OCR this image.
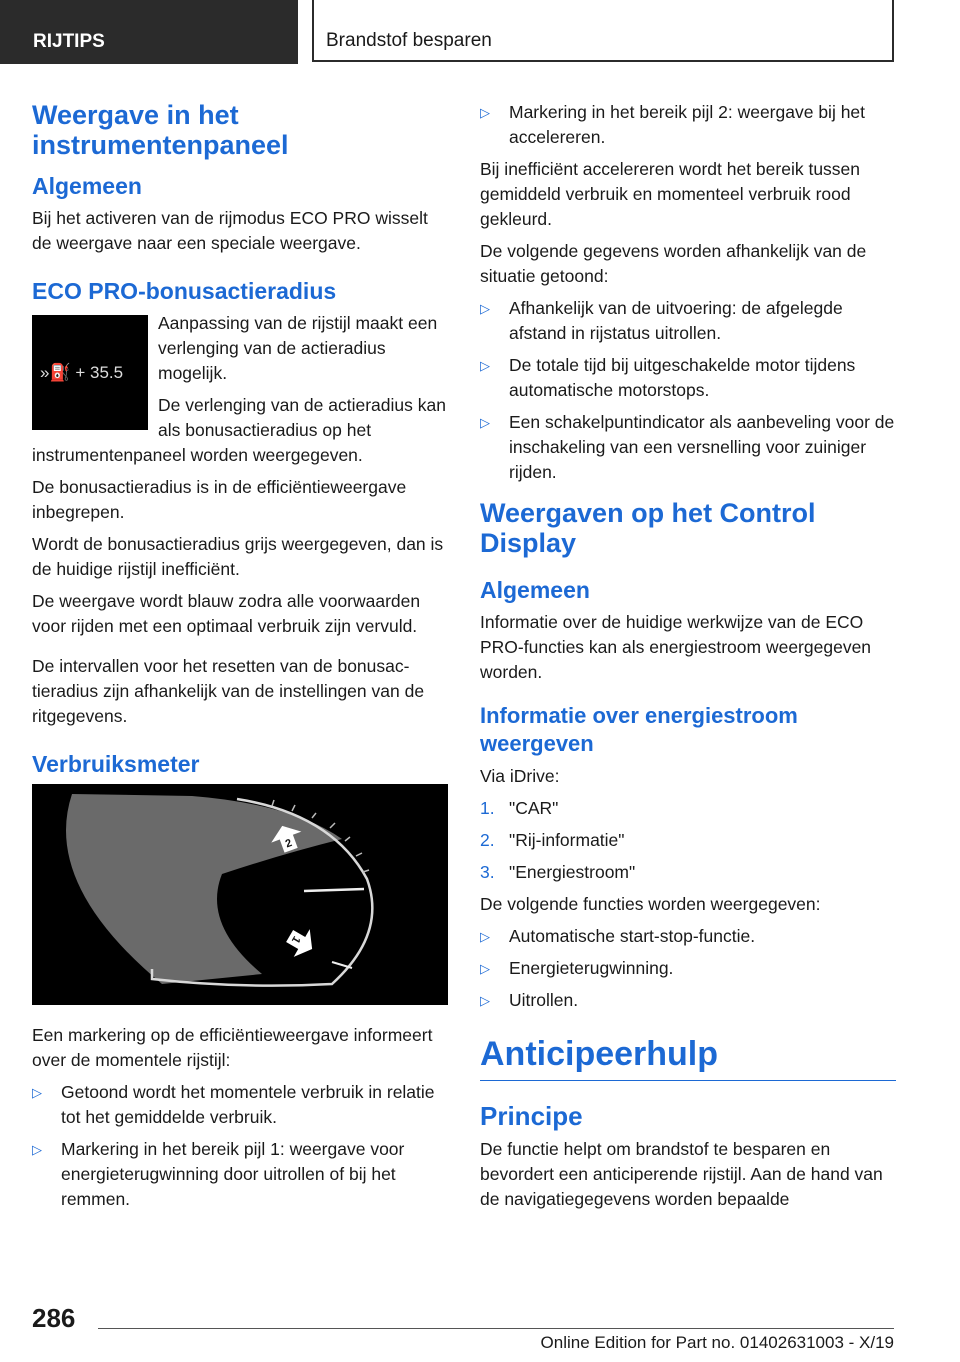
RIJTIPS	Brandstof besparen
Weergave in het instrumentenpaneel
Algemeen

Bij het activeren van de rijmodus ECO PRO wisselt de weergave naar een speciale weergave.

ECO PRO-bonusactieradius
»⛽ + 35.5

Aanpassing van de rijstijl maakt een verlenging van de actieradius mogelijk.

De verlenging van de actieradius kan als bonusactieradius op het instrumentenpaneel worden weergegeven.

De bonusactieradius is in de efficiëntieweergave inbegrepen.

Wordt de bonusactieradius grijs weergegeven, dan is de huidige rijstijl inefficiënt.

De weergave wordt blauw zodra alle voorwaarden voor rijden met een optimaal verbruik zijn vervuld.

De intervallen voor het resetten van de bonusactieradius zijn afhankelijk van de instellingen van de ritgegevens.

Verbruiksmeter
2
1

Een markering op de efficiëntieweergave informeert over de momentele rijstijl:

▷ Getoond wordt het momentele verbruik in relatie tot het gemiddelde verbruik.
▷ Markering in het bereik pijl 1: weergave voor energieterugwinning door uitrollen of bij het remmen.
▷ Markering in het bereik pijl 2: weergave bij het accelereren.

Bij inefficiënt accelereren wordt het bereik tussen gemiddeld verbruik en momenteel verbruik rood gekleurd.

De volgende gegevens worden afhankelijk van de situatie getoond:

▷ Afhankelijk van de uitvoering: de afgelegde afstand in rijstatus uitrollen.
▷ De totale tijd bij uitgeschakelde motor tijdens automatische motorstops.
▷ Een schakelpuntindicator als aanbeveling voor de inschakeling van een versnelling voor zuiniger rijden.
Weergaven op het Control Display
Algemeen

Informatie over de huidige werkwijze van de ECO PRO-functies kan als energiestroom weergegeven worden.

Informatie over energiestroom weergeven

Via iDrive:

1. "CAR"
2. "Rij-informatie"
3. "Energiestroom"

De volgende functies worden weergegeven:

▷ Automatische start-stop-functie.
▷ Energieterugwinning.
▷ Uitrollen.
Anticipeerhulp
Principe

De functie helpt om brandstof te besparen en bevordert een anticiperende rijstijl. Aan de hand van de navigatiegegevens worden bepaalde

286
Online Edition for Part no. 01402631003 - X/19
